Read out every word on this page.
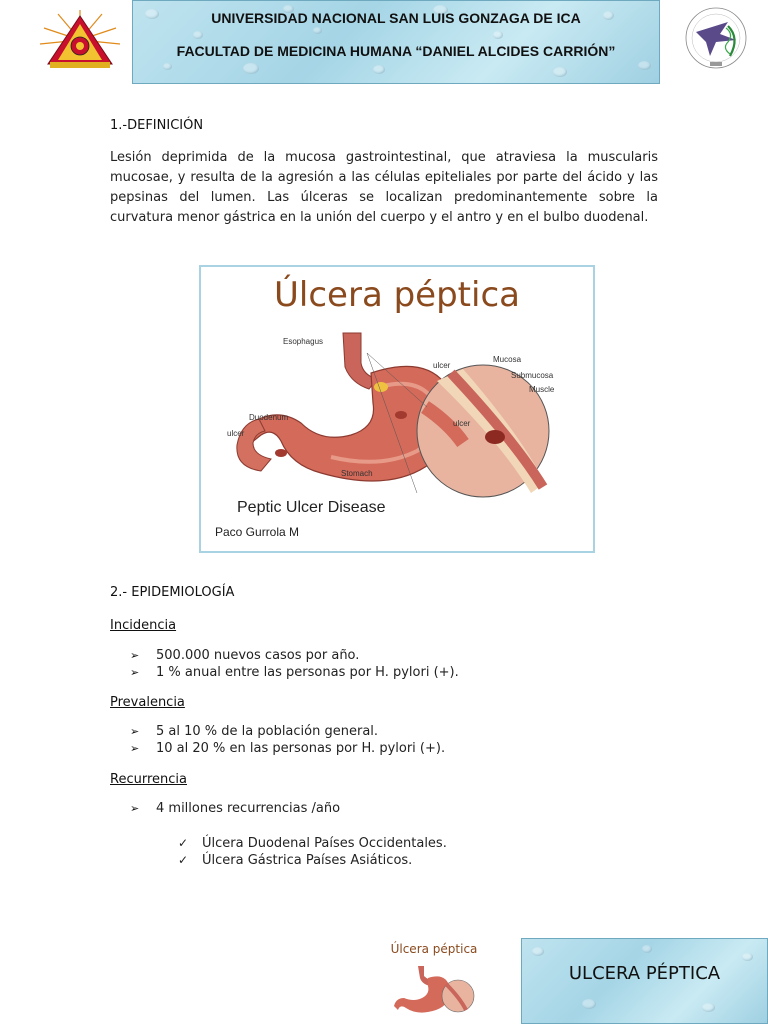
UNIVERSIDAD NACIONAL SAN LUIS GONZAGA DE ICA
FACULTAD DE MEDICINA HUMANA “DANIEL ALCIDES CARRIÓN”
1.-DEFINICIÓN

Lesión deprimida de la mucosa gastrointestinal, que atraviesa la muscularis mucosae, y resulta de la agresión a las células epiteliales por parte del ácido y las pepsinas del lumen. Las úlceras se localizan predominantemente sobre la curvatura menor gástrica en la unión del cuerpo y el antro y en el bulbo duodenal.

Úlcera péptica
Esophagus
ulcer
Duodenum
ulcer
Stomach
Mucosa
Submucosa
Muscle
ulcer
Peptic Ulcer Disease
Paco Gurrola M
2.- EPIDEMIOLOGÍA
Incidencia
➢ 500.000 nuevos casos por año.
➢ 1 % anual entre las personas por H. pylori (+).
Prevalencia
➢ 5 al 10 % de la población general.
➢ 10 al 20 % en las personas por H. pylori (+).
Recurrencia
➢ 4 millones recurrencias /año
✓ Úlcera Duodenal Países Occidentales.
✓ Úlcera Gástrica Países Asiáticos.
Úlcera péptica
ULCERA PÉPTICA
